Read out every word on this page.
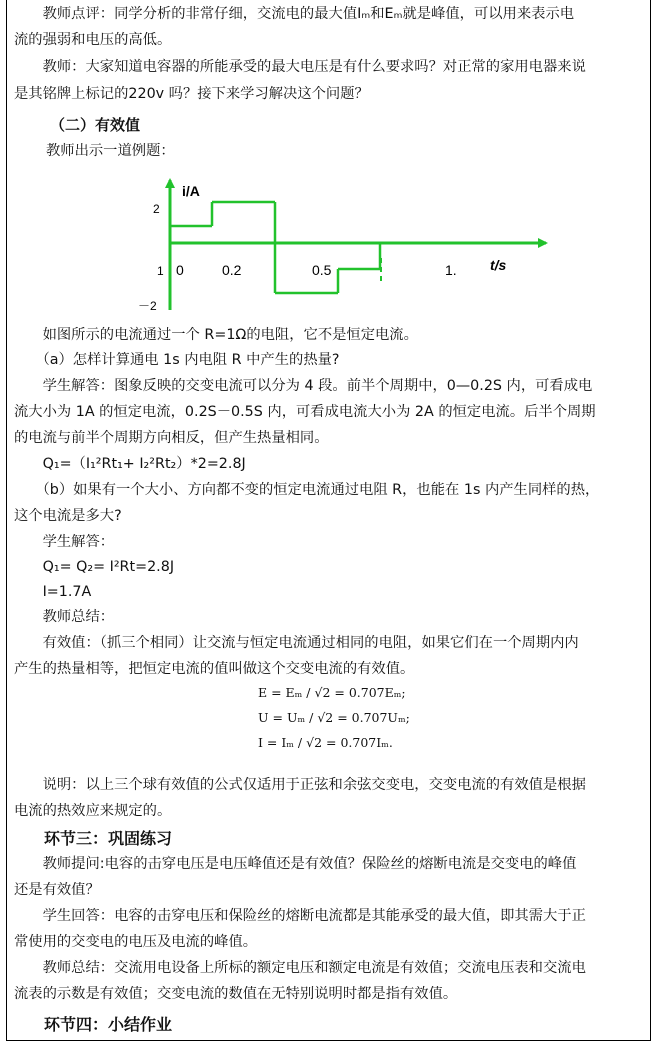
　　教师点评：同学分析的非常仔细，交流电的最大值Iₘ和Eₘ就是峰值，可以用来表示电
流的强弱和电压的高低。
　　教师：大家知道电容器的所能承受的最大电压是有什么要求吗？对正常的家用电器来说
是其铭牌上标记的220v 吗？接下来学习解决这个问题？
（二）有效值
教师出示一道例题：
i/A
t/s
0	0.2	0.5	1.
2
1
－2
　　如图所示的电流通过一个 R=1Ω的电阻，它不是恒定电流。
　　（a）怎样计算通电 1s 内电阻 R 中产生的热量?
　　学生解答：图象反映的交变电流可以分为 4 段。前半个周期中，0—0.2S 内，可看成电
流大小为 1A 的恒定电流，0.2S－0.5S 内，可看成电流大小为 2A 的恒定电流。后半个周期
的电流与前半个周期方向相反，但产生热量相同。
　　Q₁=（I₁²Rt₁+ I₂²Rt₂）*2=2.8J
　　（b）如果有一个大小、方向都不变的恒定电流通过电阻 R，也能在 1s 内产生同样的热，
这个电流是多大?
　　学生解答：
　　Q₁= Q₂= I²Rt=2.8J
　　I=1.7A
　　教师总结：
　　有效值：（抓三个相同）让交流与恒定电流通过相同的电阻，如果它们在一个周期内内
产生的热量相等，把恒定电流的值叫做这个交变电流的有效值。
E = Eₘ / √2 = 0.707Eₘ;
U = Uₘ / √2 = 0.707Uₘ;
I = Iₘ / √2 = 0.707Iₘ.
　　说明：以上三个球有效值的公式仅适用于正弦和余弦交变电，交变电流的有效值是根据
电流的热效应来规定的。
环节三：巩固练习
　　教师提问:电容的击穿电压是电压峰值还是有效值？保险丝的熔断电流是交变电的峰值
还是有效值？
　　学生回答：电容的击穿电压和保险丝的熔断电流都是其能承受的最大值，即其需大于正
常使用的交变电的电压及电流的峰值。
　　教师总结：交流用电设备上所标的额定电压和额定电流是有效值；交流电压表和交流电
流表的示数是有效值；交变电流的数值在无特别说明时都是指有效值。
环节四：小结作业
